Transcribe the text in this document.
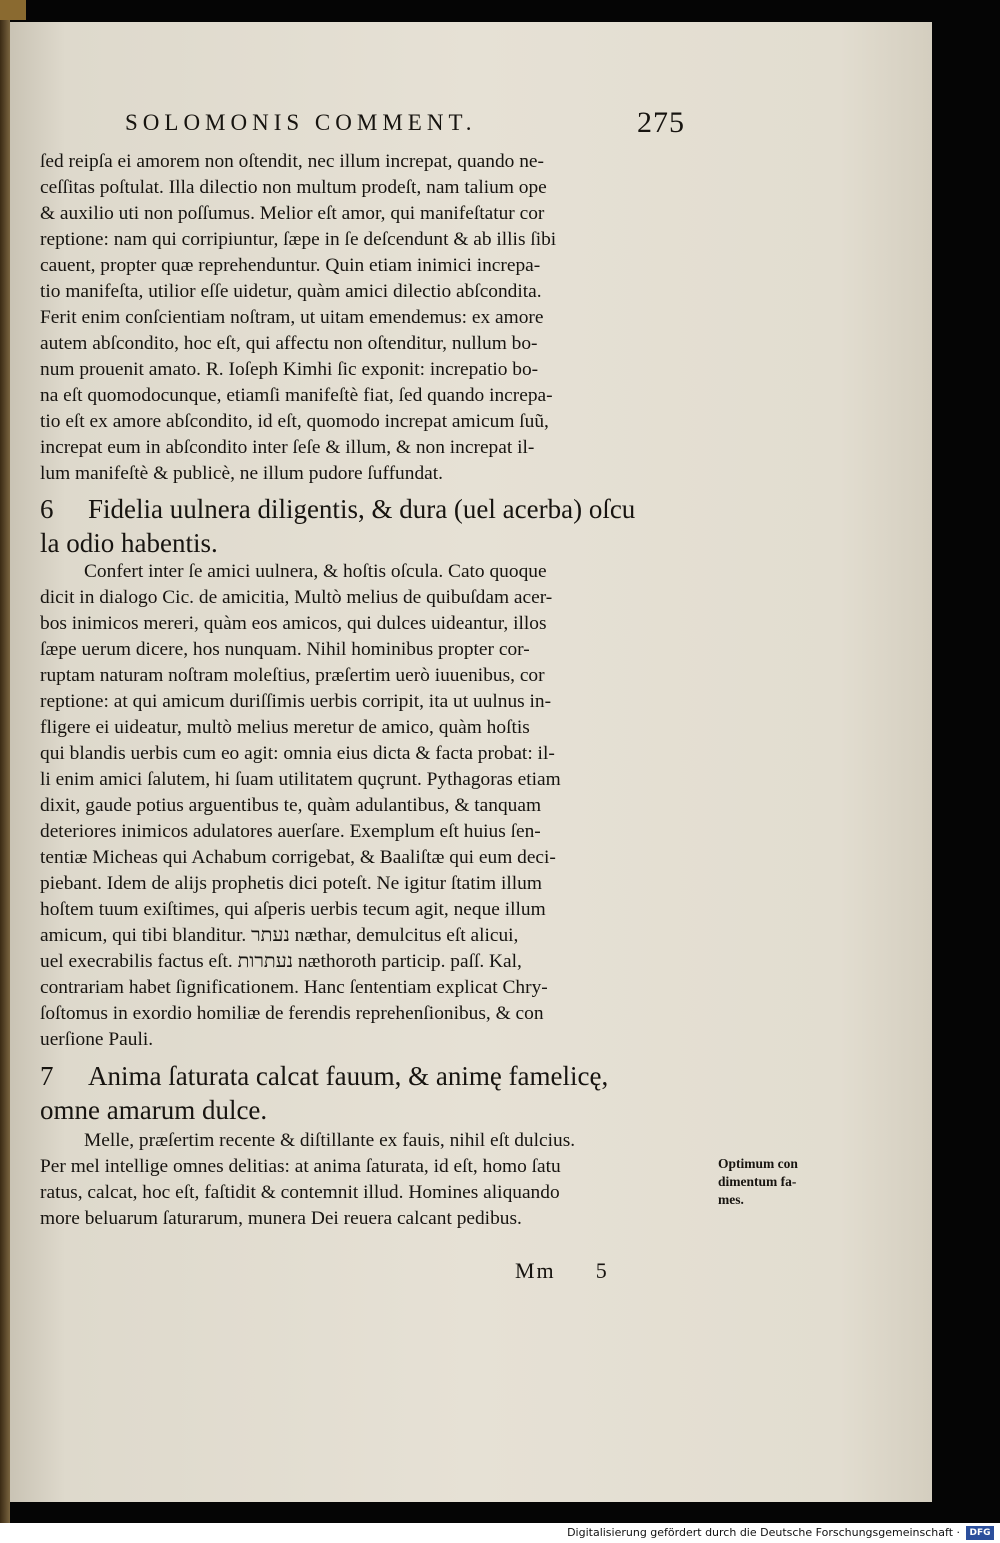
SOLOMONIS COMMENT.	275
ſed reipſa ei amorem non oſtendit, nec illum increpat, quando ne-
ceſſitas poſtulat. Illa dilectio non multum prodeſt, nam talium ope
& auxilio uti non poſſumus. Melior eſt amor, qui manifeſtatur cor
reptione: nam qui corripiuntur, ſæpe in ſe deſcendunt & ab illis ſibi
cauent, propter quæ reprehenduntur. Quin etiam inimici increpa-
tio manifeſta, utilior eſſe uidetur, quàm amici dilectio abſcondita.
Ferit enim conſcientiam noſtram, ut uitam emendemus: ex amore
autem abſcondito, hoc eſt, qui affectu non oſtenditur, nullum bo-
num prouenit amato. R. Ioſeph Kimhi ſic exponit: increpatio bo-
na eſt quomodocunque, etiamſi manifeſtè fiat, ſed quando increpa-
tio eſt ex amore abſcondito, id eſt, quomodo increpat amicum ſuũ,
increpat eum in abſcondito inter ſeſe & illum, & non increpat il-
lum manifeſtè & publicè, ne illum pudore ſuffundat.
6 Fidelia uulnera diligentis, & dura (uel acerba) oſcu
la odio habentis.
Confert inter ſe amici uulnera, & hoſtis oſcula. Cato quoque
dicit in dialogo Cic. de amicitia, Multò melius de quibuſdam acer-
bos inimicos mereri, quàm eos amicos, qui dulces uideantur, illos
ſæpe uerum dicere, hos nunquam. Nihil hominibus propter cor-
ruptam naturam noſtram moleſtius, præſertim uerò iuuenibus, cor
reptione: at qui amicum duriſſimis uerbis corripit, ita ut uulnus in-
fligere ei uideatur, multò melius meretur de amico, quàm hoſtis
qui blandis uerbis cum eo agit: omnia eius dicta & facta probat: il-
li enim amici ſalutem, hi ſuam utilitatem quçrunt. Pythagoras etiam
dixit, gaude potius arguentibus te, quàm adulantibus, & tanquam
deteriores inimicos adulatores auerſare. Exemplum eſt huius ſen-
tentiæ Micheas qui Achabum corrigebat, & Baaliſtæ qui eum deci-
piebant. Idem de alijs prophetis dici poteſt. Ne igitur ſtatim illum
hoſtem tuum exiſtimes, qui aſperis uerbis tecum agit, neque illum
amicum, qui tibi blanditur. נעתר næthar, demulcitus eſt alicui,
uel execrabilis factus eſt. נעתרות næthoroth particip. paſſ. Kal,
contrariam habet ſignificationem. Hanc ſententiam explicat Chry-
ſoſtomus in exordio homiliæ de ferendis reprehenſionibus, & con
uerſione Pauli.
7 Anima ſaturata calcat fauum, & animę famelicę,
omne amarum dulce.
Melle, præſertim recente & diſtillante ex fauis, nihil eſt dulcius.
Per mel intellige omnes delitias: at anima ſaturata, id eſt, homo ſatu
ratus, calcat, hoc eſt, faſtidit & contemnit illud. Homines aliquando
more beluarum ſaturarum, munera Dei reuera calcant pedibus.
Optimum con
dimentum fa-
mes.
Mm 5
Digitalisierung gefördert durch die Deutsche Forschungsgemeinschaft ·	DFG
